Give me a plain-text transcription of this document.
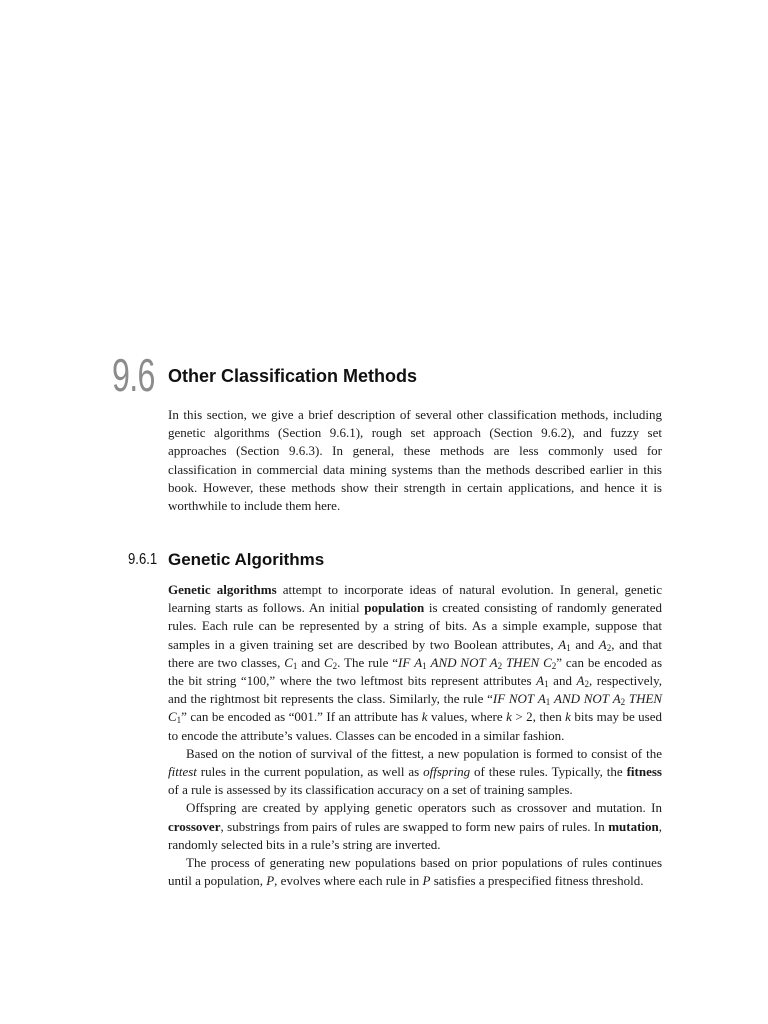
9.6 Other Classification Methods

In this section, we give a brief description of several other classification methods, including genetic algorithms (Section 9.6.1), rough set approach (Section 9.6.2), and fuzzy set approaches (Section 9.6.3). In general, these methods are less commonly used for classification in commercial data mining systems than the methods described earlier in this book. However, these methods show their strength in certain applications, and hence it is worthwhile to include them here.

9.6.1 Genetic Algorithms

Genetic algorithms attempt to incorporate ideas of natural evolution. In general, genetic learning starts as follows. An initial population is created consisting of randomly generated rules. Each rule can be represented by a string of bits. As a simple example, suppose that samples in a given training set are described by two Boolean attributes, $A_1$ and $A_2$, and that there are two classes, $C_1$ and $C_2$. The rule “IF $A_1$ AND NOT $A_2$ THEN $C_2$” can be encoded as the bit string “100,” where the two leftmost bits represent attributes $A_1$ and $A_2$, respectively, and the rightmost bit represents the class. Similarly, the rule “IF NOT $A_1$ AND NOT $A_2$ THEN $C_1$” can be encoded as “001.” If an attribute has k values, where k > 2, then k bits may be used to encode the attribute’s values. Classes can be encoded in a similar fashion.

Based on the notion of survival of the fittest, a new population is formed to consist of the fittest rules in the current population, as well as offspring of these rules. Typically, the fitness of a rule is assessed by its classification accuracy on a set of training samples.

Offspring are created by applying genetic operators such as crossover and mutation. In crossover, substrings from pairs of rules are swapped to form new pairs of rules. In mutation, randomly selected bits in a rule’s string are inverted.

The process of generating new populations based on prior populations of rules continues until a population, P, evolves where each rule in P satisfies a prespecified fitness threshold.
